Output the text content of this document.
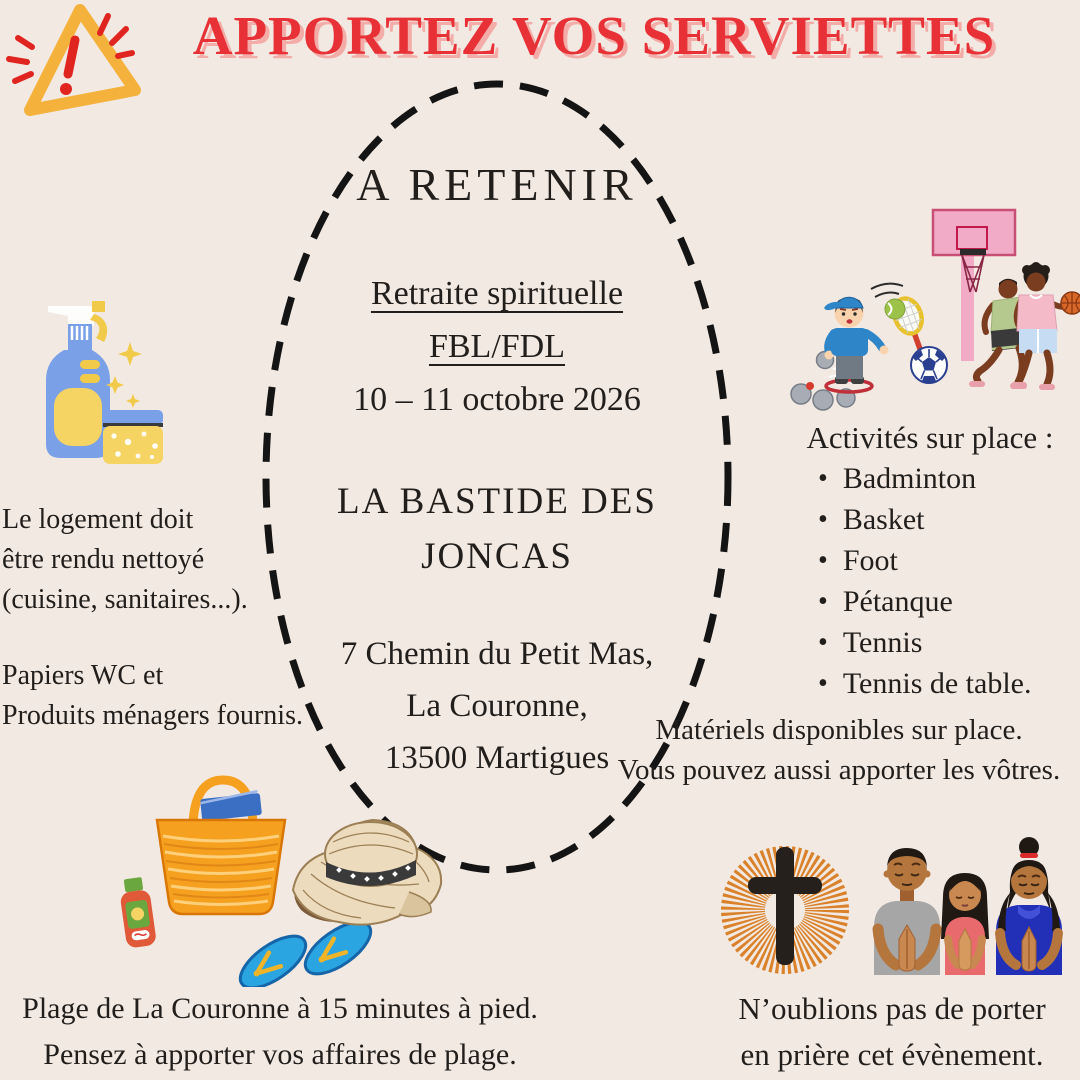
APPORTEZ VOS SERVIETTES
A RETENIR
Retraite spirituelle
FBL/FDL
10 – 11 octobre 2026
LA BASTIDE DES
JONCAS
7 Chemin du Petit Mas,
La Couronne,
13500 Martigues
Le logement doit
être rendu nettoyé
(cuisine, sanitaires...).
Papiers WC et
Produits ménagers fournis.
Activités sur place :
• Badminton
• Basket
• Foot
• Pétanque
• Tennis
• Tennis de table.
Matériels disponibles sur place.
Vous pouvez aussi apporter les vôtres.
Plage de La Couronne à 15 minutes à pied.
Pensez à apporter vos affaires de plage.
N’oublions pas de porter
en prière cet évènement.
